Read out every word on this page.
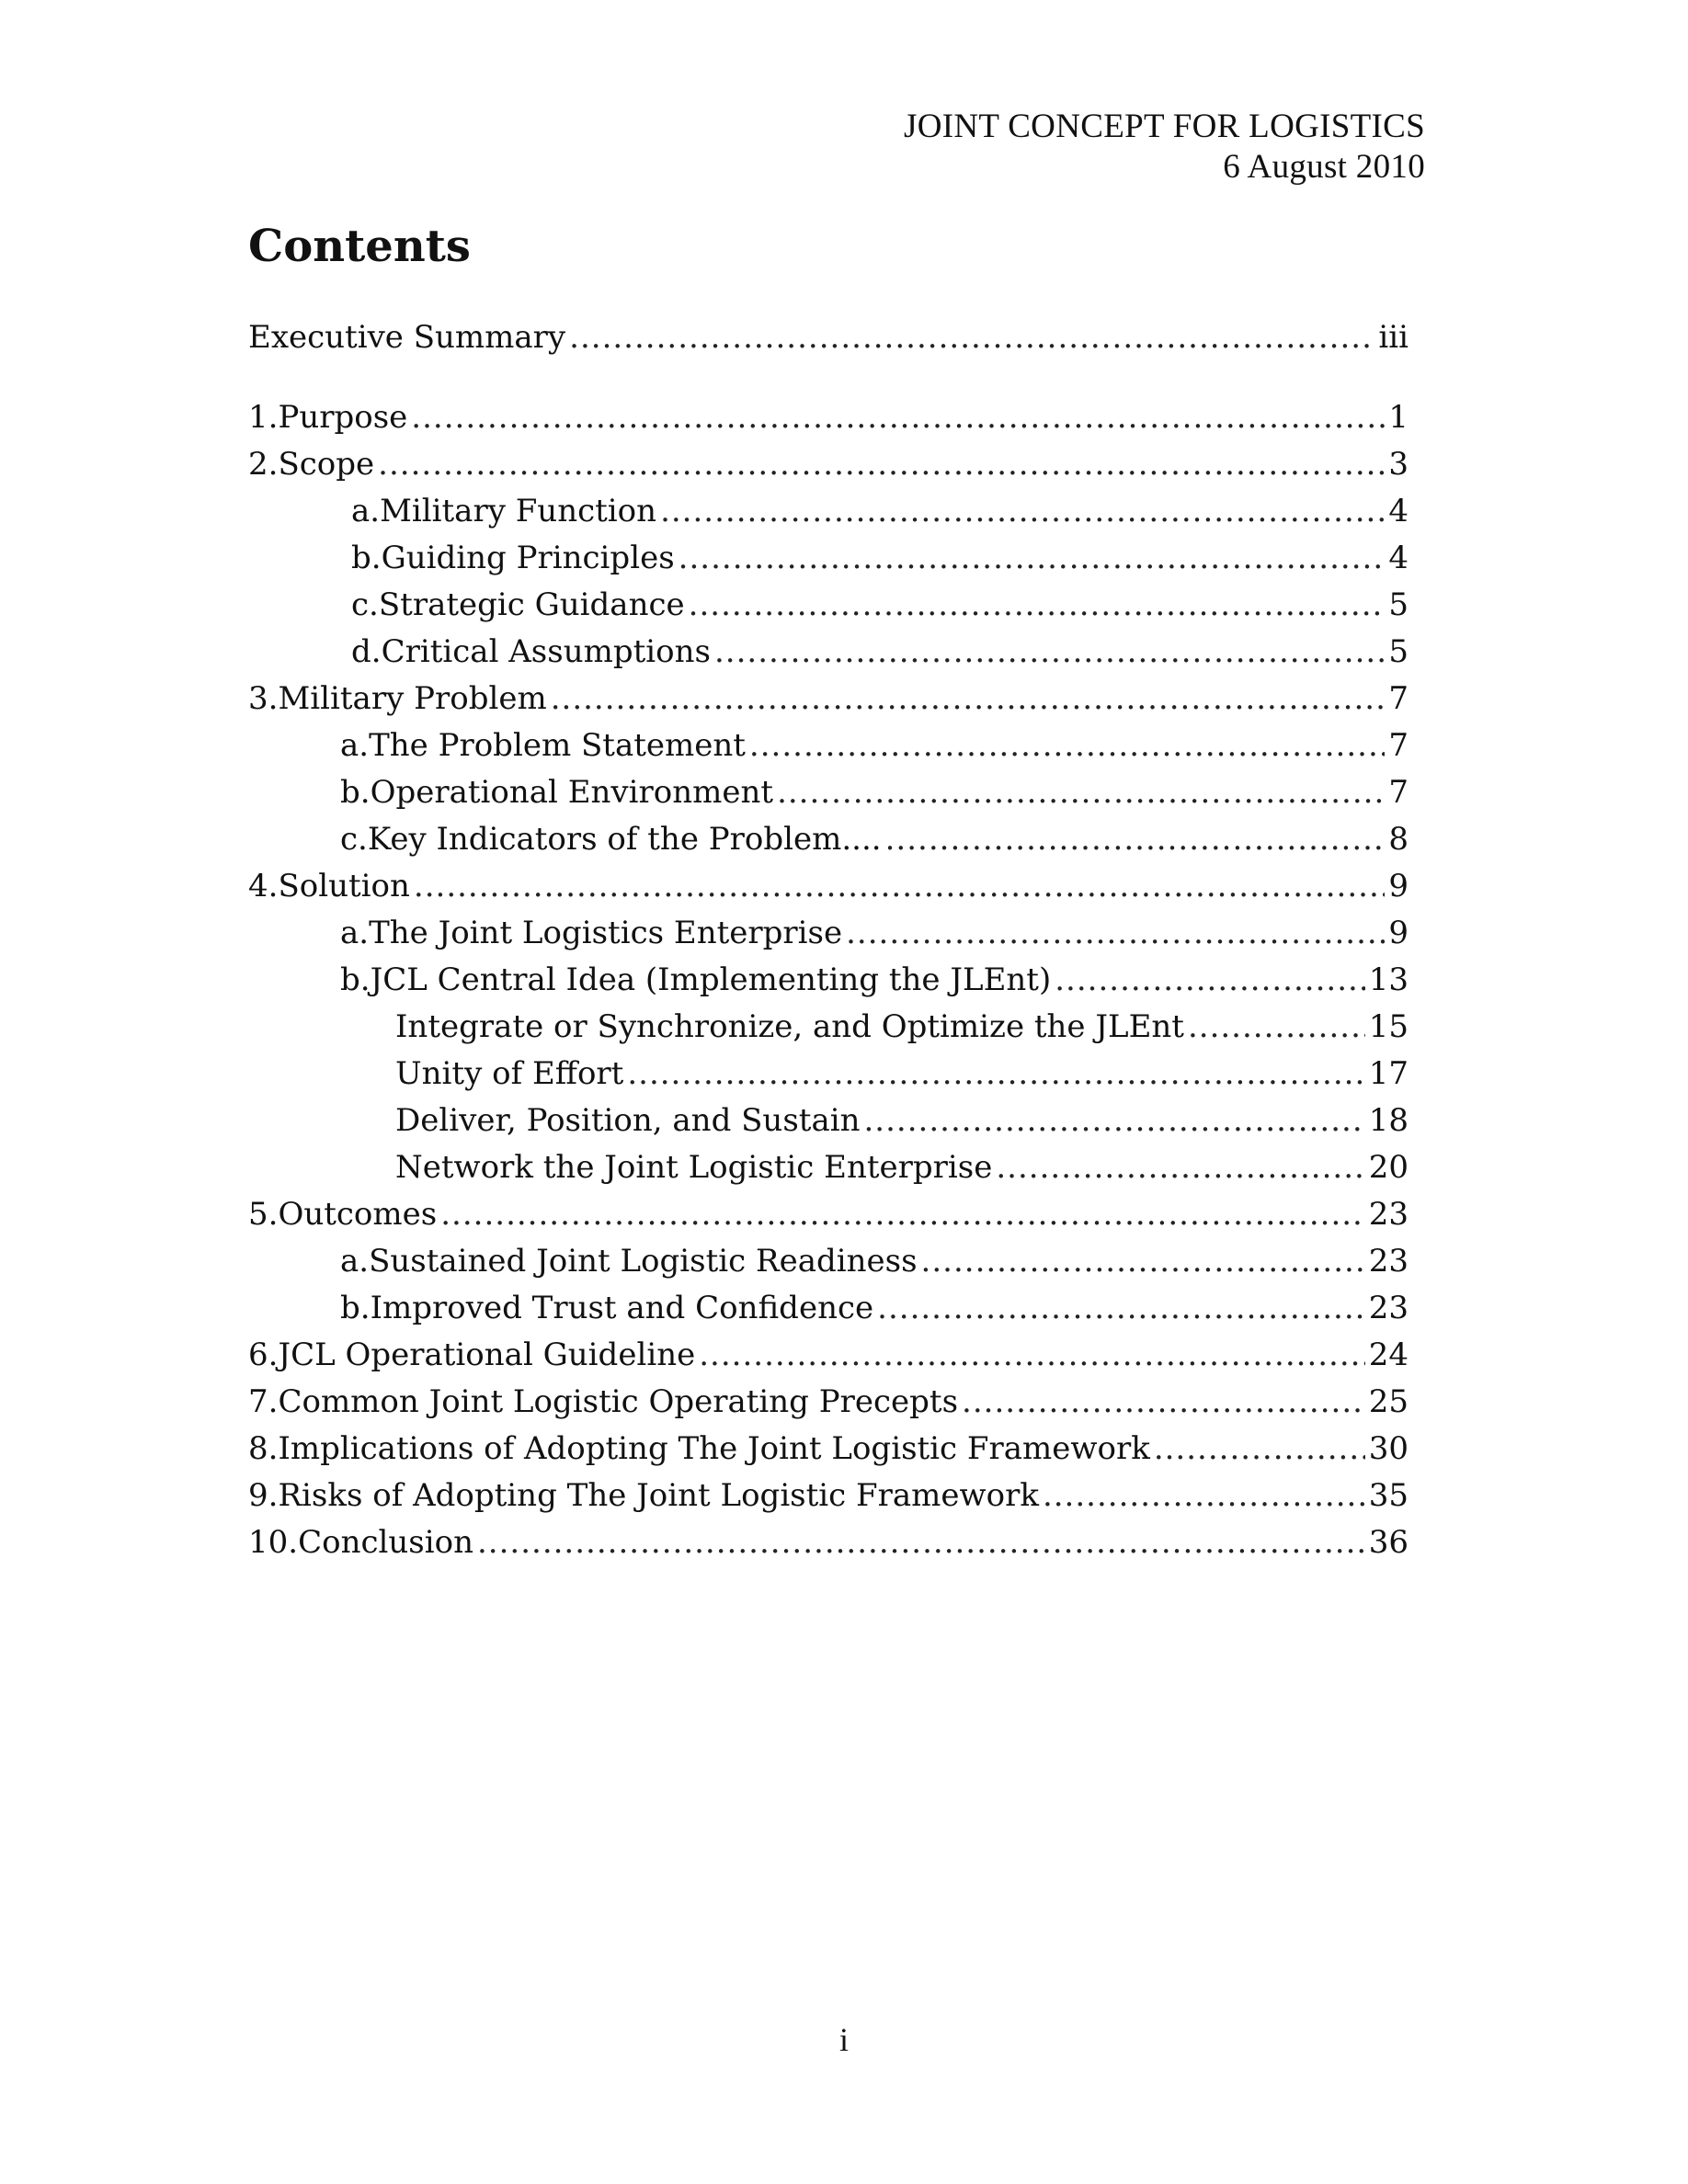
JOINT CONCEPT FOR LOGISTICS
6 August 2010
Contents
Executive Summary .....	iii
1. Purpose .....	1
2. Scope .....	3
a. Military Function .....	4
b. Guiding Principles .....	4
c. Strategic Guidance .....	5
d. Critical Assumptions .....	5
3. Military Problem .....	7
a. The Problem Statement .....	7
b. Operational Environment .....	7
c. Key Indicators of the Problem.... .....	8
4. Solution .....	9
a. The Joint Logistics Enterprise .....	9
b. JCL Central Idea (Implementing the JLEnt) .....	13
Integrate or Synchronize, and Optimize the JLEnt .....	15
Unity of Effort .....	17
Deliver, Position, and Sustain .....	18
Network the Joint Logistic Enterprise .....	20
5. Outcomes .....	23
a. Sustained Joint Logistic Readiness .....	23
b. Improved Trust and Confidence .....	23
6. JCL Operational Guideline .....	24
7. Common Joint Logistic Operating Precepts .....	25
8. Implications of Adopting The Joint Logistic Framework .....	30
9. Risks of Adopting The Joint Logistic Framework .....	35
10. Conclusion .....	36
i
